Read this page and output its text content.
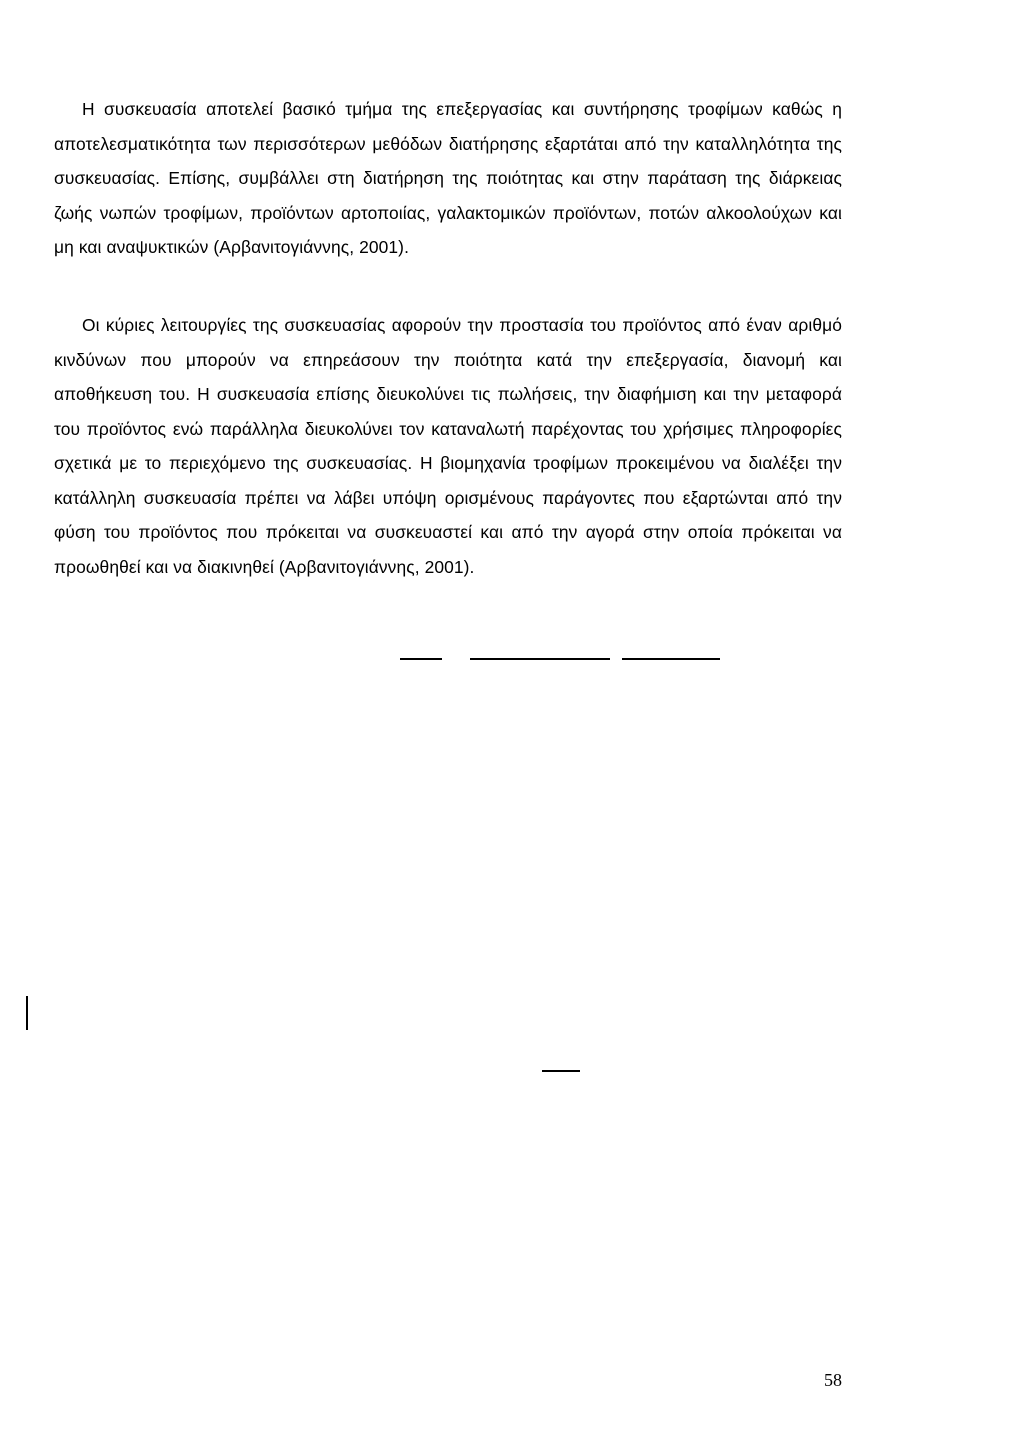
Η συσκευασία αποτελεί βασικό τμήμα της επεξεργασίας και συντήρησης τροφίμων καθώς η αποτελεσματικότητα των περισσότερων μεθόδων διατήρησης εξαρτάται από την καταλληλότητα της συσκευασίας. Επίσης, συμβάλλει στη διατήρηση της ποιότητας και στην παράταση της διάρκειας ζωής νωπών τροφίμων, προϊόντων αρτοποιίας, γαλακτομικών προϊόντων, ποτών αλκοολούχων και μη και αναψυκτικών (Αρβανιτογιάννης, 2001).

Οι κύριες λειτουργίες της συσκευασίας αφορούν την προστασία του προϊόντος από έναν αριθμό κινδύνων που μπορούν να επηρεάσουν την ποιότητα κατά την επεξεργασία, διανομή και αποθήκευση του. Η συσκευασία επίσης διευκολύνει τις πωλήσεις, την διαφήμιση και την μεταφορά του προϊόντος ενώ παράλληλα διευκολύνει τον καταναλωτή παρέχοντας του χρήσιμες πληροφορίες σχετικά με το περιεχόμενο της συσκευασίας. Η βιομηχανία τροφίμων προκειμένου να διαλέξει την κατάλληλη συσκευασία πρέπει να λάβει υπόψη ορισμένους παράγοντες που εξαρτώνται από την φύση του προϊόντος που πρόκειται να συσκευαστεί και από την αγορά στην οποία πρόκειται να προωθηθεί και να διακινηθεί (Αρβανιτογιάννης, 2001).

58
